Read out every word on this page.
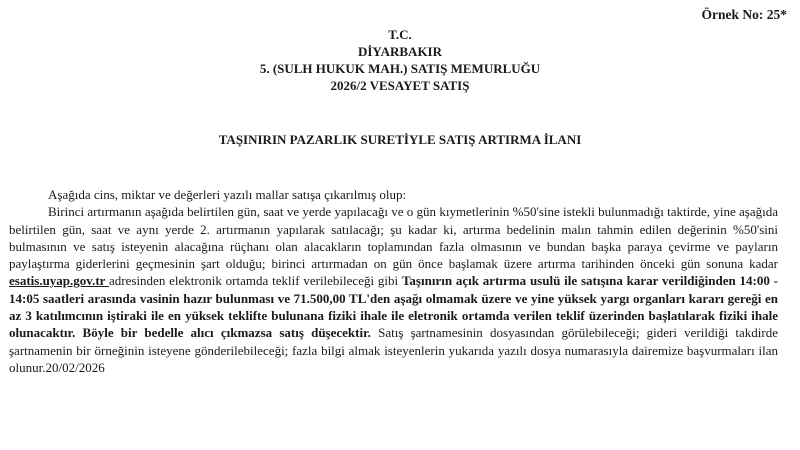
Örnek No: 25*
T.C.
DİYARBAKIR
5. (SULH HUKUK MAH.) SATIŞ MEMURLUĞU
2026/2 VESAYET SATIŞ
TAŞINIRIN PAZARLIK SURETİYLE SATIŞ ARTIRMA İLANI

Aşağıda cins, miktar ve değerleri yazılı mallar satışa çıkarılmış olup:

Birinci artırmanın aşağıda belirtilen gün, saat ve yerde yapılacağı ve o gün kıymetlerinin %50'sine istekli bulunmadığı taktirde, yine aşağıda belirtilen gün, saat ve aynı yerde 2. artırmanın yapılarak satılacağı; şu kadar ki, artırma bedelinin malın tahmin edilen değerinin %50'sini bulmasının ve satış isteyenin alacağına rüçhanı olan alacakların toplamından fazla olmasının ve bundan başka paraya çevirme ve payların paylaştırma giderlerini geçmesinin şart olduğu; birinci artırmadan on gün önce başlamak üzere artırma tarihinden önceki gün sonuna kadar esatis.uyap.gov.tr adresinden elektronik ortamda teklif verilebileceği gibi Taşınırın açık artırma usulü ile satışına karar verildiğinden 14:00 - 14:05 saatleri arasında vasinin hazır bulunması ve 71.500,00 TL'den aşağı olmamak üzere ve yine yüksek yargı organları kararı gereği en az 3 katılımcının iştiraki ile en yüksek teklifte bulunana fiziki ihale ile eletronik ortamda verilen teklif üzerinden başlatılarak fiziki ihale olunacaktır. Böyle bir bedelle alıcı çıkmazsa satış düşecektir. Satış şartnamesinin dosyasından görülebileceği; gideri verildiği takdirde şartnamenin bir örneğinin isteyene gönderilebileceği; fazla bilgi almak isteyenlerin yukarıda yazılı dosya numarasıyla dairemize başvurmaları ilan olunur.20/02/2026
